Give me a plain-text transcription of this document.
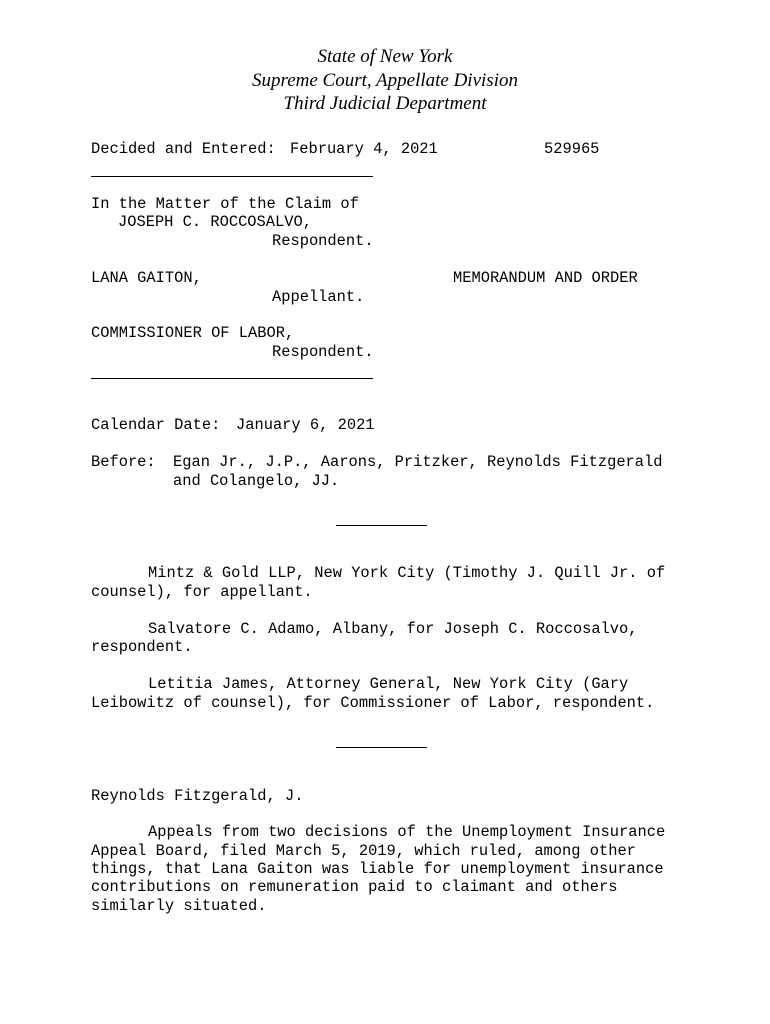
State of New York
Supreme Court, Appellate Division
Third Judicial Department
Decided and Entered: February 4, 2021	529965
In the Matter of the Claim of
JOSEPH C. ROCCOSALVO,
Respondent.
LANA GAITON,	MEMORANDUM AND ORDER
Appellant.
COMMISSIONER OF LABOR,
Respondent.
Calendar Date: January 6, 2021
Before: Egan Jr., J.P., Aarons, Pritzker, Reynolds Fitzgerald
and Colangelo, JJ.
Mintz & Gold LLP, New York City (Timothy J. Quill Jr. of
counsel), for appellant.
Salvatore C. Adamo, Albany, for Joseph C. Roccosalvo,
respondent.
Letitia James, Attorney General, New York City (Gary
Leibowitz of counsel), for Commissioner of Labor, respondent.
Reynolds Fitzgerald, J.
Appeals from two decisions of the Unemployment Insurance
Appeal Board, filed March 5, 2019, which ruled, among other
things, that Lana Gaiton was liable for unemployment insurance
contributions on remuneration paid to claimant and others
similarly situated.
